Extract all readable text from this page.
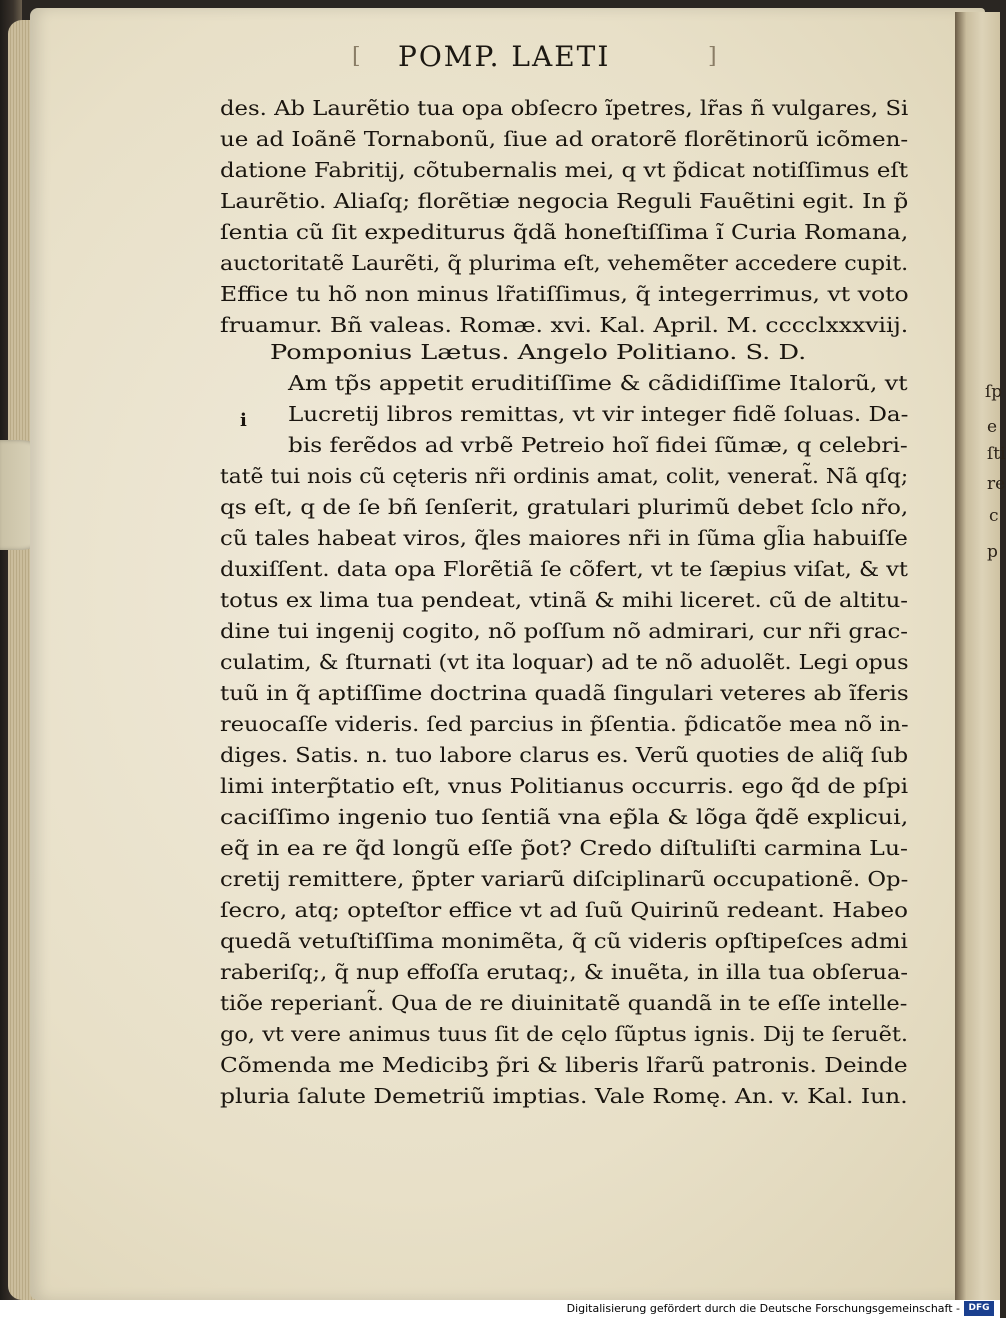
ſp
e
ſti
re
c
p
[ POMP. LAETI	]
i
des. Ab Laurẽtio tua opa obſecro ĩpetres, lr̃as ñ vulgares, Si
ue ad Ioãnẽ Tornabonũ, ſiue ad oratorẽ florẽtinorũ icõmen-
datione Fabritij, cõtubernalis mei, q vt p̃dicat notiſſimus eſt
Laurẽtio. Aliaſq; florẽtiæ negocia Reguli Fauẽtini egit. In p̃
ſentia cũ ſit expediturus q̃dã honeſtiſſima ĩ Curia Romana,
auctoritatẽ Laurẽti, q̃ plurima eſt, vehemẽter accedere cupit.
Effice tu hõ non minus lr̃atiſſimus, q̃ integerrimus, vt voto
fruamur. Bñ valeas. Romæ. xvi. Kal. April. M. cccclxxxviij.
Pomponius Lætus. Angelo Politiano. S. D.
Am tp̃s appetit eruditiſſime & cãdidiſſime Italorũ, vt
Lucretij libros remittas, vt vir integer fidẽ ſoluas. Da-
bis ferẽdos ad vrbẽ Petreio hoĩ fidei ſũmæ, q celebri-
tatẽ tui nois cũ cęteris nr̃i ordinis amat, colit, venerat̃. Nã qſq;
qs eſt, q de ſe bñ ſenſerit, gratulari plurimũ debet ſclo nr̃o,
cũ tales habeat viros, q̃les maiores nr̃i in ſũma gl̃ia habuiſſe
duxiſſent. data opa Florẽtiã ſe cõfert, vt te ſæpius viſat, & vt
totus ex lima tua pendeat, vtinã & mihi liceret. cũ de altitu-
dine tui ingenij cogito, nõ poſſum nõ admirari, cur nr̃i grac-
culatim, & ſturnati (vt ita loquar) ad te nõ aduolẽt. Legi opus
tuũ in q̃ aptiſſime doctrina quadã ſingulari veteres ab ĩferis
reuocaſſe videris. ſed parcius in p̃ſentia. p̃dicatõe mea nõ in-
diges. Satis. n. tuo labore clarus es. Verũ quoties de aliq̃ ſub
limi interp̃tatio eſt, vnus Politianus occurris. ego q̃d de pſpi
caciſſimo ingenio tuo ſentiã vna ep̃la & lõga q̃dẽ explicui,
eq̃ in ea re q̃d longũ eſſe p̃ot? Credo diſtuliſti carmina Lu-
cretij remittere, p̃pter variarũ diſciplinarũ occupationẽ. Op-
ſecro, atq; opteſtor effice vt ad ſuũ Quirinũ redeant. Habeo
quedã vetuſtiſſima monimẽta, q̃ cũ videris opſtipeſces admi
raberiſq;, q̃ nup effoſſa erutaq;, & inuẽta, in illa tua obſerua-
tiõe reperiant̃. Qua de re diuinitatẽ quandã in te eſſe intelle-
go, vt vere animus tuus ſit de cęlo ſũptus ignis. Dij te ſeruẽt.
Cõmenda me Medicibꝫ p̃ri & liberis lr̃arũ patronis. Deinde
pluria ſalute Demetriũ imptias. Vale Romę. An. v. Kal. Iun.
Digitalisierung gefördert durch die Deutsche Forschungsgemeinschaft - DFG
